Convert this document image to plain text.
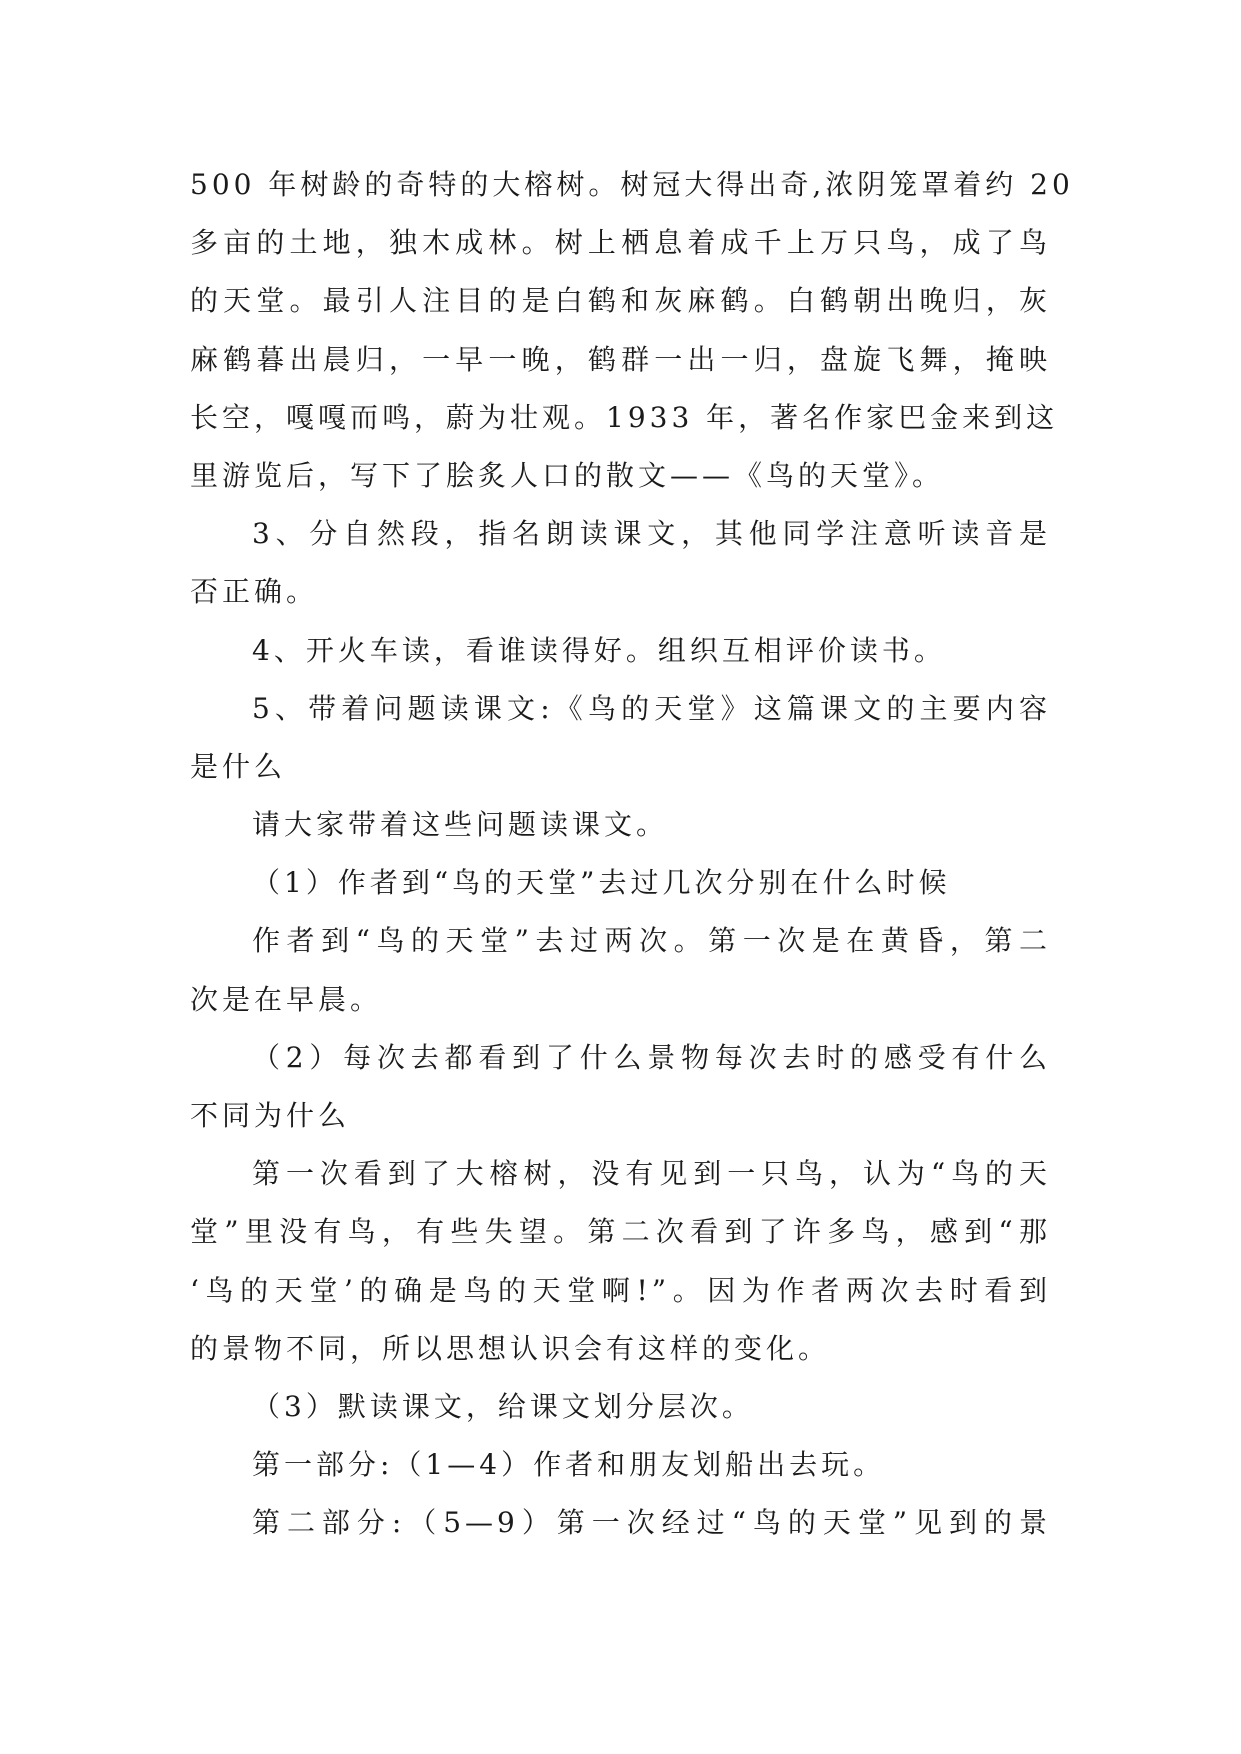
500 年树龄的奇特的大榕树。树冠大得出奇,浓阴笼罩着约 20
多亩的土地，独木成林。树上栖息着成千上万只鸟，成了鸟
的天堂。最引人注目的是白鹤和灰麻鹤。白鹤朝出晚归，灰
麻鹤暮出晨归，一早一晚，鹤群一出一归，盘旋飞舞，掩映
长空，嘎嘎而鸣，蔚为壮观。1933 年，著名作家巴金来到这
里游览后，写下了脍炙人口的散文——《鸟的天堂》。
3、分自然段，指名朗读课文，其他同学注意听读音是
否正确。
4、开火车读，看谁读得好。组织互相评价读书。
5、带着问题读课文:《鸟的天堂》这篇课文的主要内容
是什么
请大家带着这些问题读课文。
（1）作者到“鸟的天堂”去过几次分别在什么时候
作者到“鸟的天堂”去过两次。第一次是在黄昏，第二
次是在早晨。
（2）每次去都看到了什么景物每次去时的感受有什么
不同为什么
第一次看到了大榕树，没有见到一只鸟，认为“鸟的天
堂”里没有鸟，有些失望。第二次看到了许多鸟，感到“那
‘鸟的天堂’的确是鸟的天堂啊!”。因为作者两次去时看到
的景物不同，所以思想认识会有这样的变化。
（3）默读课文，给课文划分层次。
第一部分:（1—4）作者和朋友划船出去玩。
第二部分:（5—9）第一次经过“鸟的天堂”见到的景
